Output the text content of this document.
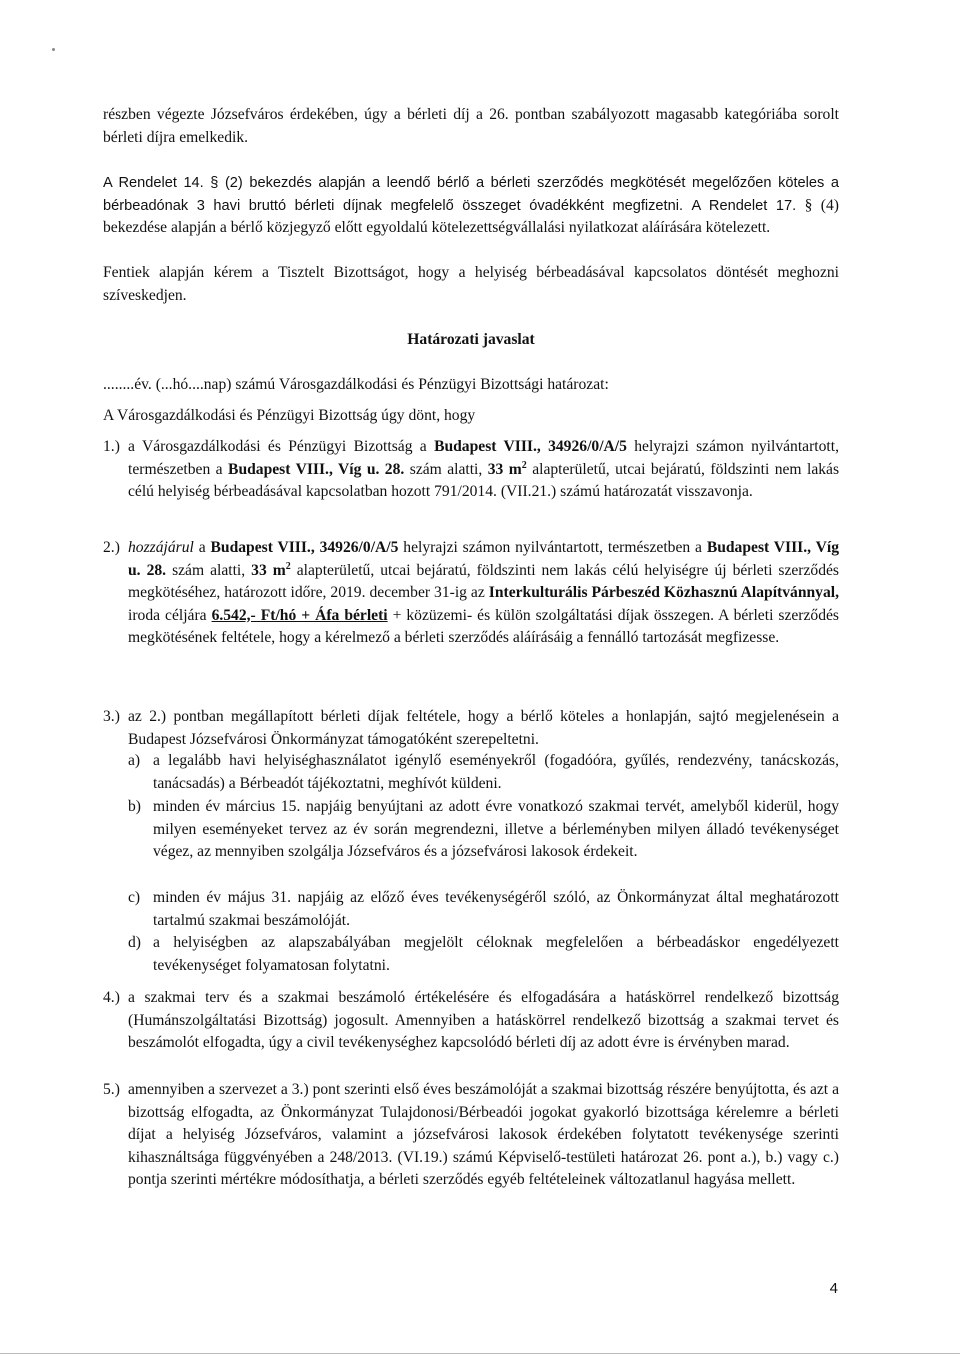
részben végezte Józsefváros érdekében, úgy a bérleti díj a 26. pontban szabályozott magasabb kategóriába sorolt bérleti díjra emelkedik.

A Rendelet 14. § (2) bekezdés alapján a leendő bérlő a bérleti szerződés megkötését megelőzően köteles a bérbeadónak 3 havi bruttó bérleti díjnak megfelelő összeget óvadékként megfizetni. A Rendelet 17. § (4) bekezdése alapján a bérlő közjegyző előtt egyoldalú kötelezettségvállalási nyilatkozat aláírására kötelezett.

Fentiek alapján kérem a Tisztelt Bizottságot, hogy a helyiség bérbeadásával kapcsolatos döntését meghozni szíveskedjen.

Határozati javaslat
........év. (...hó....nap) számú Városgazdálkodási és Pénzügyi Bizottsági határozat:
A Városgazdálkodási és Pénzügyi Bizottság úgy dönt, hogy
1.) a Városgazdálkodási és Pénzügyi Bizottság a Budapest VIII., 34926/0/A/5 helyrajzi számon nyilvántartott, természetben a Budapest VIII., Víg u. 28. szám alatti, 33 $m^2$ alapterületű, utcai bejáratú, földszinti nem lakás célú helyiség bérbeadásával kapcsolatban hozott 791/2014. (VII.21.) számú határozatát visszavonja.
2.) hozzájárul a Budapest VIII., 34926/0/A/5 helyrajzi számon nyilvántartott, természetben a Budapest VIII., Víg u. 28. szám alatti, 33 $m^2$ alapterületű, utcai bejáratú, földszinti nem lakás célú helyiségre új bérleti szerződés megkötéséhez, határozott időre, 2019. december 31-ig az Interkulturális Párbeszéd Közhasznú Alapítvánnyal, iroda céljára 6.542,- Ft/hó + Áfa bérleti + közüzemi- és külön szolgáltatási díjak összegen. A bérleti szerződés megkötésének feltétele, hogy a kérelmező a bérleti szerződés aláírásáig a fennálló tartozását megfizesse.
3.) az 2.) pontban megállapított bérleti díjak feltétele, hogy a bérlő köteles a honlapján, sajtó megjelenésein a Budapest Józsefvárosi Önkormányzat támogatóként szerepeltetni.
a) a legalább havi helyiséghasználatot igénylő eseményekről (fogadóóra, gyűlés, rendezvény, tanácskozás, tanácsadás) a Bérbeadót tájékoztatni, meghívót küldeni.
b) minden év március 15. napjáig benyújtani az adott évre vonatkozó szakmai tervét, amelyből kiderül, hogy milyen eseményeket tervez az év során megrendezni, illetve a bérleményben milyen álladó tevékenységet végez, az mennyiben szolgálja Józsefváros és a józsefvárosi lakosok érdekeit.
c) minden év május 31. napjáig az előző éves tevékenységéről szóló, az Önkormányzat által meghatározott tartalmú szakmai beszámolóját.
d) a helyiségben az alapszabályában megjelölt céloknak megfelelően a bérbeadáskor engedélyezett tevékenységet folyamatosan folytatni.
4.) a szakmai terv és a szakmai beszámoló értékelésére és elfogadására a hatáskörrel rendelkező bizottság (Humánszolgáltatási Bizottság) jogosult. Amennyiben a hatáskörrel rendelkező bizottság a szakmai tervet és beszámolót elfogadta, úgy a civil tevékenységhez kapcsolódó bérleti díj az adott évre is érvényben marad.
5.) amennyiben a szervezet a 3.) pont szerinti első éves beszámolóját a szakmai bizottság részére benyújtotta, és azt a bizottság elfogadta, az Önkormányzat Tulajdonosi/Bérbeadói jogokat gyakorló bizottsága kérelemre a bérleti díjat a helyiség Józsefváros, valamint a józsefvárosi lakosok érdekében folytatott tevékenysége szerinti kihasználtsága függvényében a 248/2013. (VI.19.) számú Képviselő-testületi határozat 26. pont a.), b.) vagy c.) pontja szerinti mértékre módosíthatja, a bérleti szerződés egyéb feltételeinek változatlanul hagyása mellett.
4
